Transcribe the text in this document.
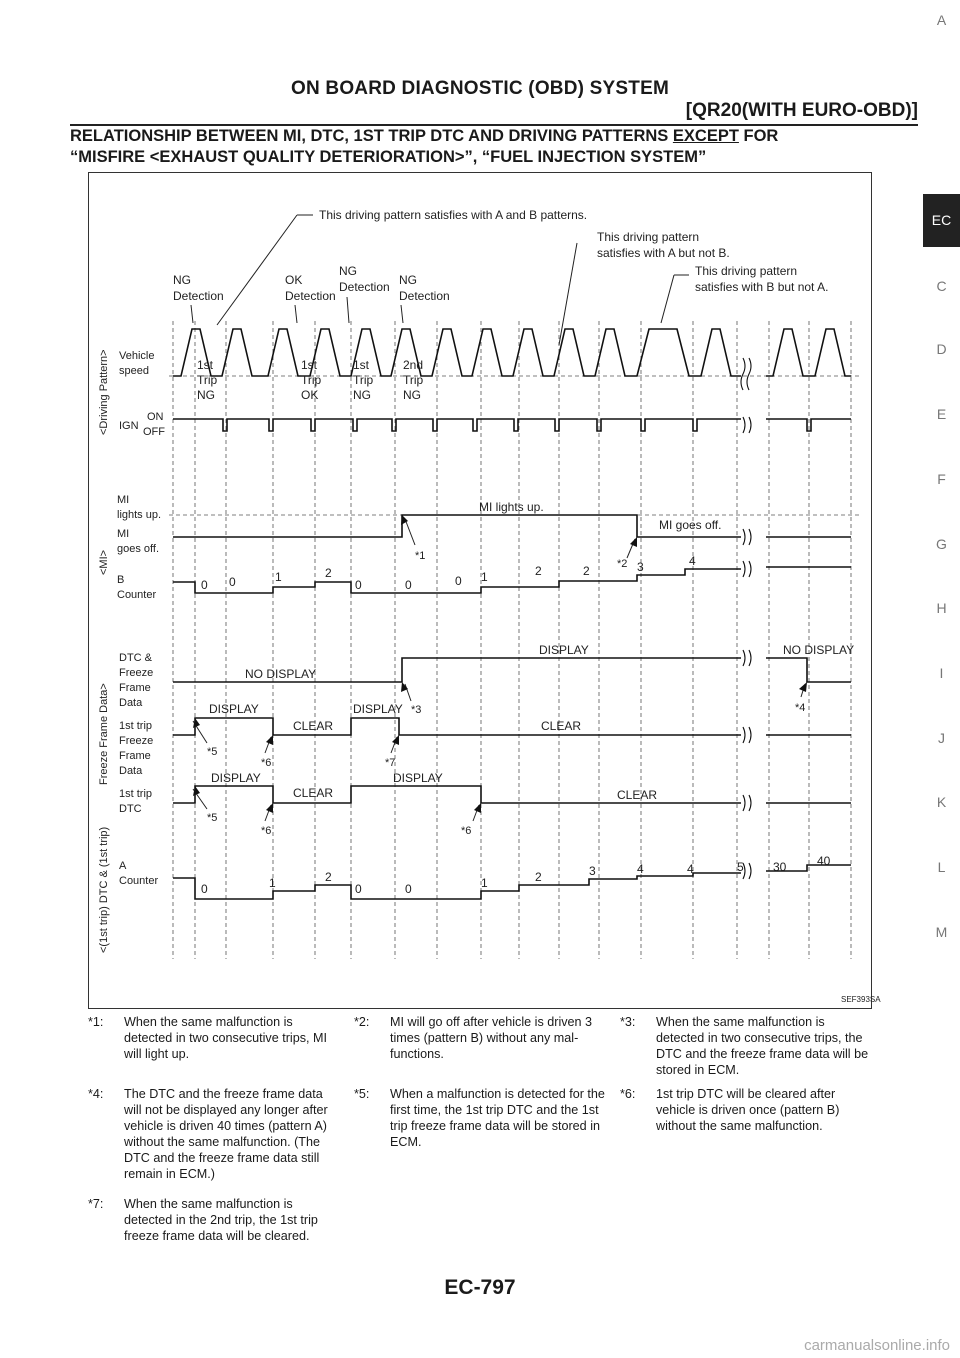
ON BOARD DIAGNOSTIC (OBD) SYSTEM
[QR20(WITH EURO-OBD)]
RELATIONSHIP BETWEEN MI, DTC, 1ST TRIP DTC AND DRIVING PATTERNS EXCEPT FOR
“MISFIRE <EXHAUST QUALITY DETERIORATION>”, “FUEL INJECTION SYSTEM”
A
EC
C
D
E
F
G
H
I
J
K
L
M
This driving pattern satisfies with A and B patterns.
This driving pattern
satisfies with A but not B.
This driving pattern
satisfies with B but not A.
NG
Detection
OK
Detection
NG
Detection NG
Detection
<Driving Pattern>
<MI>
Freeze Frame Data>
<(1st trip) DTC & (1st trip)
Vehicle
speed
IGN
ON
OFF
MI
lights up.
MI
goes off.
B
Counter
DTC &
Freeze
Frame
Data
1st trip
Freeze
Frame
Data
1st trip
DTC
A
Counter
1st
Trip
NG
1st
Trip
OK
1st
Trip
NG
2nd
Trip
NG
MI lights up.
MI goes off.
*1
*2
0 0	1	2
0	0	0 1	2	2	3	4
NO DISPLAY
DISPLAY	NO DISPLAY
*3	*4
DISPLAY
CLEAR
DISPLAY
CLEAR
*5
*6	*7
DISPLAY
CLEAR
DISPLAY
CLEAR
*5
*6	*6
0	1	2
0	0	1	2	3	4	4	5 30	40
SEF393SA
*1: When the same malfunction is detected in two consecutive trips, MI will light up.
*2: MI will go off after vehicle is driven 3 times (pattern B) without any mal-functions.
*3: When the same malfunction is detected in two consecutive trips, the DTC and the freeze frame data will be stored in ECM.
*4: The DTC and the freeze frame data will not be displayed any longer after vehicle is driven 40 times (pattern A) without the same malfunction. (The DTC and the freeze frame data still remain in ECM.)
*5: When a malfunction is detected for the first time, the 1st trip DTC and the 1st trip freeze frame data will be stored in ECM.
*6: 1st trip DTC will be cleared after vehicle is driven once (pattern B) without the same malfunction.
*7: When the same malfunction is detected in the 2nd trip, the 1st trip freeze frame data will be cleared.
EC-797
carmanualsonline.info
